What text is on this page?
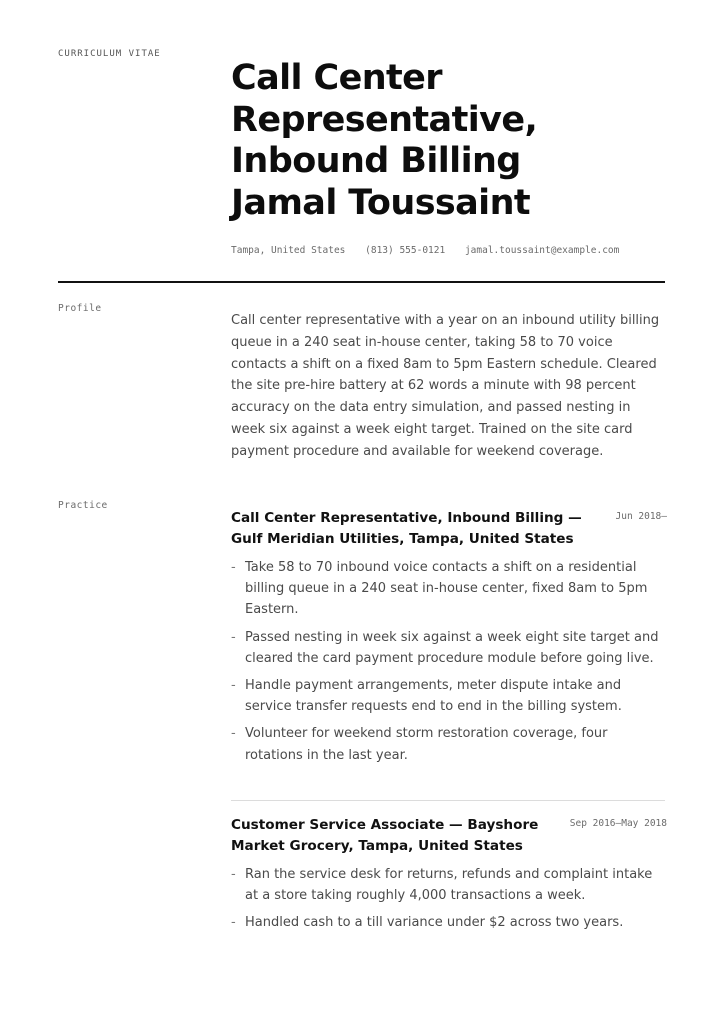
CURRICULUM VITAE
Call Center
Representative,
Inbound Billing
Jamal Toussaint
Tampa, United States (813) 555-0121 jamal.toussaint@example.com
Profile
Call center representative with a year on an inbound utility billing queue in a 240 seat in-house center, taking 58 to 70 voice contacts a shift on a fixed 8am to 5pm Eastern schedule. Cleared the site pre-hire battery at 62 words a minute with 98 percent accuracy on the data entry simulation, and passed nesting in week six against a week eight target. Trained on the site card payment procedure and available for weekend coverage.
Practice
Call Center Representative, Inbound Billing — Gulf Meridian Utilities, Tampa, United States
Jun 2018–
- Take 58 to 70 inbound voice contacts a shift on a residential billing queue in a 240 seat in-house center, fixed 8am to 5pm Eastern.
- Passed nesting in week six against a week eight site target and cleared the card payment procedure module before going live.
- Handle payment arrangements, meter dispute intake and service transfer requests end to end in the billing system.
- Volunteer for weekend storm restoration coverage, four rotations in the last year.
Customer Service Associate — Bayshore Market Grocery, Tampa, United States
Sep 2016–May 2018
- Ran the service desk for returns, refunds and complaint intake at a store taking roughly 4,000 transactions a week.
- Handled cash to a till variance under $2 across two years.
